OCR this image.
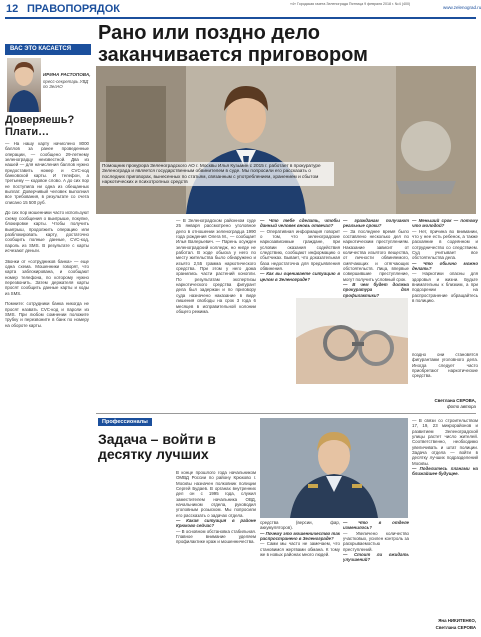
12 ПРАВОПОРЯДОК	«4» Городская газета Зеленограда Пятница 9 февраля 2018 г. №4 (400)
www.zelenograd.ru
ВАС ЭТО КАСАЕТСЯ
ИРИНА РАСТОПОВА,
пресс-секретарь УВД по ЗелАО
Доверяешь? Плати…
— На нашу карту начислено 8000 баллов за ранее проведенные операции, — сообщено 29-летнему зеленоградцу неизвестной. Два из нашей — для начисления баллов нужно предоставить номер и CVC-код банковской карты. И телефон, а третьему — кодовое слово. А до сих пор не поступила ни одна из обещанных выплат. Доверчивый человек выполнил все требования, в результате со счета списано 15 500 руб.

До сих пор мошенники часто используют схему сообщения о выигрыше, покупке, блокировке карты. Чтобы получить выигрыш, продолжить операцию или разблокировать карту, достаточно сообщить полные данные, CVC-код, пароль из SMS. В результате с карты исчезают деньги.

Звонки от «сотрудников банка» — еще одна схема. Мошенники говорят, что карта заблокирована, и сообщают номер телефона, по которому нужно перезвонить. Затем держателя карты просят сообщить данные карты и коды из SMS.

Помните: сотрудники банка никогда не просят назвать CVC-код и пароли из SMS. При любом сомнении положите трубку и перезвоните в банк по номеру на обороте карты.
Рано или поздно дело заканчивается приговором
Помощник прокурора Зеленоградского АО г. Москвы Илья Кузьмин с 2015 г. работает в прокуратуре Зеленограда и является государственным обвинителем в суде. Мы попросили его рассказать о последних приговорах, вынесенных по статьям, связанным с употреблением, хранением и сбытом наркотических и психотропных средств
— В Зеленоградском районном суде 25 января рассмотрено уголовное дело в отношении зеленоградца 1990 года рождения Олега М., — сообщает Илья Валерьевич. — Парень осужден зеленоградский колледж, но нигде не работал. В ходе обыска у него по месту жительства было обнаружено и изъято 2,55 грамма наркотического средства. При этом у него дома хранились части растений конопли. По результатам экспертизы наркотического средства фигурант дела был задержан и по приговору суда назначено наказание в виде лишения свободы на срок 3 года 6 месяцев в исправительной колонии общего режима.
— Что тебе сделать, чтобы данный человек вновь отвечал?
— Оперативная информация говорит о том, что зеленоградские наркозависимые граждане, при условии оказания содействия следствию, сообщают информацию о сбытчиках. Бывает, что доказательная база недостаточна для предъявления обвинения.
— Как вы оцениваете ситуацию в целом в Зеленограде?
— гражданам получают реальные сроки?
— За последнее время было составлено несколько дел по наркотическим преступлениям. Наказание зависит от количества изъятого вещества, от личности обвиняемого, смягчающих и отягчающих обстоятельств. Лица, впервые совершившие преступление, могут получить условный срок.
— В чем будет должна прокуратура для профилактики?
— Меньший срок — потому что молодой?
— Нет, причина во внимании, что у нее есть ребенок, а также раскаяние в содеянном и сотрудничество со следствием. Суд учитывает все обстоятельства дела.
— Что обычно можно делать?
— Наркотики опасны для здоровья и жизни. Будьте внимательны к близким, а при подозрении на распространение обращайтесь в полицию.
поздно они становятся фигурантами уголовного дела. Иногда следует часто приобретают наркотические средства.
Светлана СЕРОВА,
фото автора
Профессионалы
Задача – войти в десятку лучших
В конце прошлого года начальником ОМВД России по району Крюково г. Москвы назначен полковник полиции Сергей Будаев. В органах внутренних дел он с 1995 года, служил заместителем начальника ОВД, начальником отдела, руководил уголовным розыском. Мы попросили его рассказать о задачах отдела.
— Какая ситуация в районе Крюково сейчас?
— В основном обстановка стабильная. Главное внимание уделяем профилактике краж и мошенничества.
средства (версии, фар, аккумуляторов).
— Почему это мошенничество так распространено в Зеленограде?
— Сами мы часто не замечаем, что становимся жертвами обмана. К тому же в новых районах много людей.
— Что в отделе изменилось?
— Увеличено количество участковых, усилен контроль за раскрываемостью преступлений.
— Стоит ли ожидать улучшений?
— В связи со строительством 17, 19, 23 микрорайонов и развитием Зеленоградской улицы растет число жителей. Соответственно, необходимо увеличивать и штат полиции. Задача отдела — войти в десятку лучших подразделений Москвы.
— Поделитесь планами на ближайшее будущее.
Яна НИКИТЕНКО,
Светлана СЕРОВА
